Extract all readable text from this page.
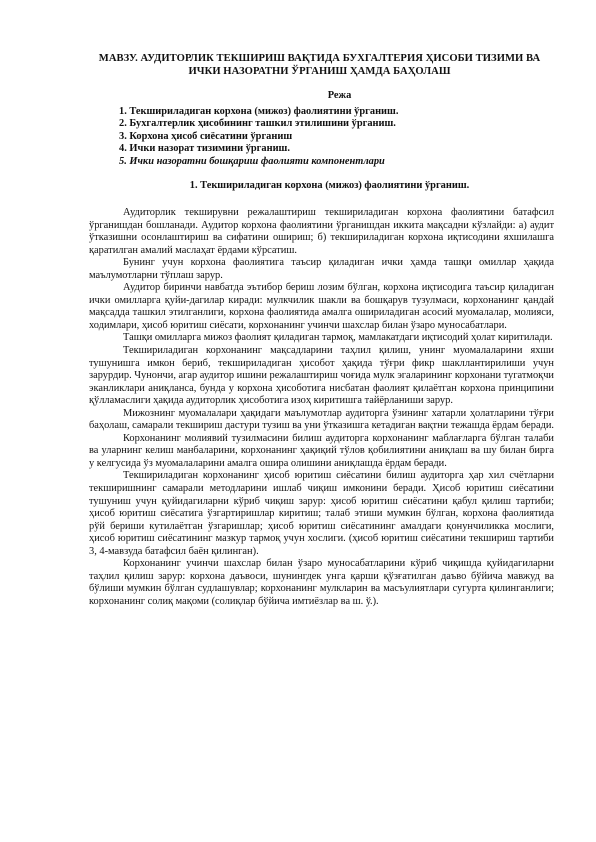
МАВЗУ. АУДИТОРЛИК ТЕКШИРИШ ВАҚТИДА БУХГАЛТЕРИЯ ҲИСОБИ ТИЗИМИ ВА ИЧКИ НАЗОРАТНИ ЎРГАНИШ ҲАМДА БАҲОЛАШ
Режа
1. Текшириладиган корхона (мижоз) фаолиятини ўрганиш.
2. Бухгалтерлик ҳисобининг ташкил этилишини ўрганиш.
3. Корхона ҳисоб сиёсатини ўрганиш
4. Ички назорат тизимини ўрганиш.
5. Ички назоратни бошқариш фаолияти компонентлари
1. Текшириладиган корхона (мижоз) фаолиятини ўрганиш.

Аудиторлик текширувни режалаштириш текшириладиган корхона фаолиятини батафсил ўрганишдан бошланади. Аудитор корхона фаолиятини ўрганишдан иккита мақсадни кўзлайди: а) аудит ўтказишни осонлаштириш ва сифатини ошириш; б) текшириладиган корхона иқтисодини яхшилашга қаратилган амалий маслаҳат ёрдами кўрсатиш.

Бунинг учун корхона фаолиятига таъсир қиладиган ички ҳамда ташқи омиллар ҳақида маълумотларни тўплаш зарур.

Аудитор биринчи навбатда эътибор бериш лозим бўлган, корхона иқтисодига таъсир қиладиган ички омилларга қуйи-дагилар киради: мулкчилик шакли ва бошқарув тузулмаси, корхонанинг қандай мақсадда ташкил этилганлиги, корхона фаолиятида амалга ошириладиган асосий муомалалар, молияси, ходимлари, ҳисоб юритиш сиёсати, корхонанинг учинчи шахслар билан ўзаро муносабатлари.

Ташқи омилларга мижоз фаолият қиладиган тармоқ, мамлакатдаги иқтисодий ҳолат киритилади.

Текшириладиган корхонанинг мақсадларини таҳлил қилиш, унинг муомалаларини яхши тушунишга имкон бериб, текшириладиган ҳисобот ҳақида тўғри фикр шакллантирилиши учун зарурдир. Чунончи, агар аудитор ишини режалаштириш чоғида мулк эгаларининг корхонани тугатмоқчи эканликлари аниқланса, бунда у корхона ҳисоботига нисбатан фаолият қилаётган корхона принципини қўлламаслиги ҳақида аудиторлик ҳисоботига изоҳ киритишга тайёрланиши зарур.

Мижознинг муомалалари ҳақидаги маълумотлар аудиторга ўзининг хатарли ҳолатларини тўғри баҳолаш, самарали текшириш дастури тузиш ва уни ўтказишга кетадиган вақтни тежашда ёрдам беради.

Корхонанинг молиявий тузилмасини билиш аудиторга корхонанинг маблағларга бўлган талаби ва уларнинг келиш манбаларини, корхонанинг ҳақиқий тўлов қобилиятини аниқлаш ва шу билан бирга у келгусида ўз муомалаларини амалга ошира олишини аниқлашда ёрдам беради.

Текшириладиган корхонанинг ҳисоб юритиш сиёсатини билиш аудиторга ҳар хил счётларни текширишнинг самарали методларини ишлаб чиқиш имконини беради. Ҳисоб юритиш сиёсатини тушуниш учун қуйидагиларни кўриб чиқиш зарур: ҳисоб юритиш сиёсатини қабул қилиш тартиби; ҳисоб юритиш сиёсатига ўзгартиришлар киритиш; талаб этиши мумкин бўлган, корхона фаолиятида рўй бериши кутилаётган ўзгаришлар; ҳисоб юритиш сиёсатининг амалдаги қонунчиликка мослиги, ҳисоб юритиш сиёсатининг мазкур тармоқ учун хослиги. (ҳисоб юритиш сиёсатини текшириш тартиби 3, 4-мавзуда батафсил баён қилинган).

Корхонанинг учинчи шахслар билан ўзаро муносабатларини кўриб чиқишда қуйидагиларни таҳлил қилиш зарур: корхона даъвоси, шунингдек унга қарши қўзғатилган даъво бўйича мавжуд ва бўлиши мумкин бўлган судлашувлар; корхонанинг мулкларин ва масъулиятлари сугурта қилинганлиги; корхонанинг солиқ мақоми (солиқлар бўйича имтиёзлар ва ш. ў.).
